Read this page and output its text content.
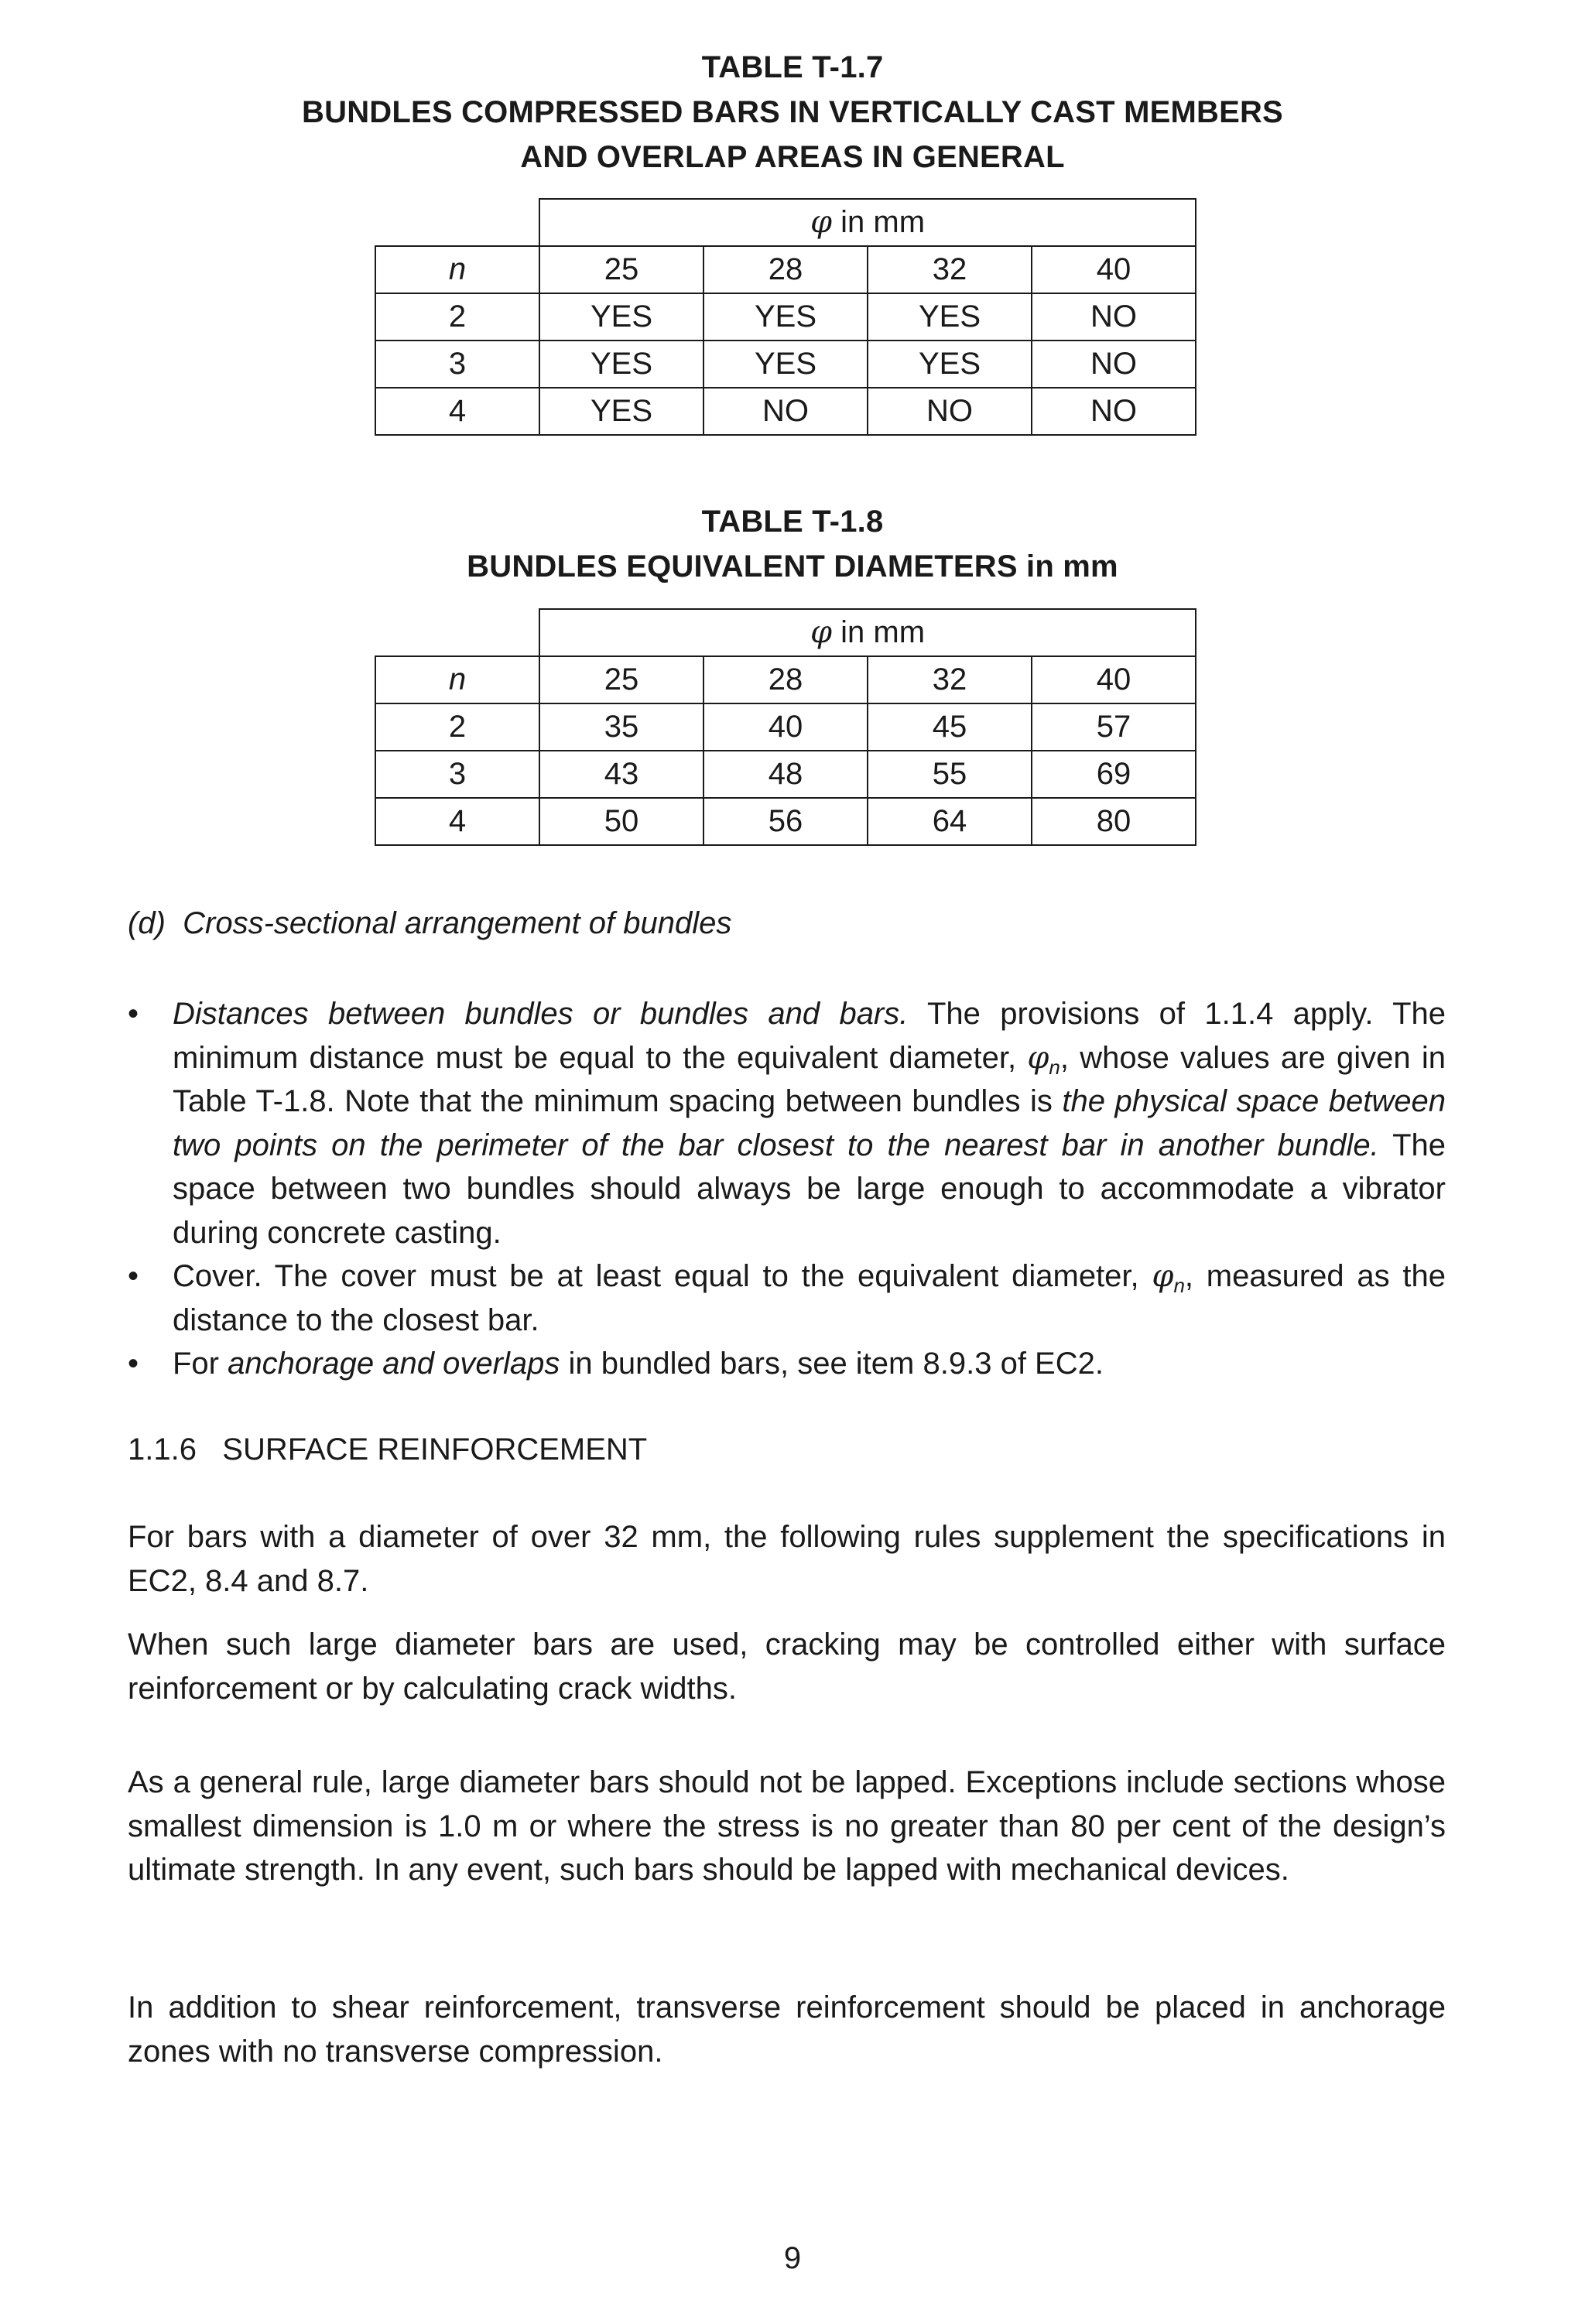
TABLE T-1.7
BUNDLES COMPRESSED BARS IN VERTICALLY CAST MEMBERS
AND OVERLAP AREAS IN GENERAL
	φ in mm			
n	25	28	32	40
2	YES	YES	YES	NO
3	YES	YES	YES	NO
4	YES	NO	NO	NO
TABLE T-1.8
BUNDLES EQUIVALENT DIAMETERS in mm
	φ in mm			
n	25	28	32	40
2	35	40	45	57
3	43	48	55	69
4	50	56	64	80
(d)  Cross-sectional arrangement of bundles
•	Distances between bundles or bundles and bars. The provisions of 1.1.4 apply. The minimum distance must be equal to the equivalent diameter, $\varphi_n$, whose values are given in Table T-1.8. Note that the minimum spacing between bundles is the physical space between two points on the perimeter of the bar closest to the nearest bar in another bundle. The space between two bundles should always be large enough to accommodate a vibrator during concrete casting.
•	Cover. The cover must be at least equal to the equivalent diameter, $\varphi_n$, measured as the distance to the closest bar.
•	For anchorage and overlaps in bundled bars, see item 8.9.3 of EC2.
1.1.6   SURFACE REINFORCEMENT
For bars with a diameter of over 32 mm, the following rules supplement the specifications in EC2, 8.4 and 8.7.
When such large diameter bars are used, cracking may be controlled either with surface reinforcement or by calculating crack widths.
As a general rule, large diameter bars should not be lapped. Exceptions include sections whose smallest dimension is 1.0 m or where the stress is no greater than 80 per cent of the design’s ultimate strength. In any event, such bars should be lapped with mechanical devices.
In addition to shear reinforcement, transverse reinforcement should be placed in anchorage zones with no transverse compression.
9
